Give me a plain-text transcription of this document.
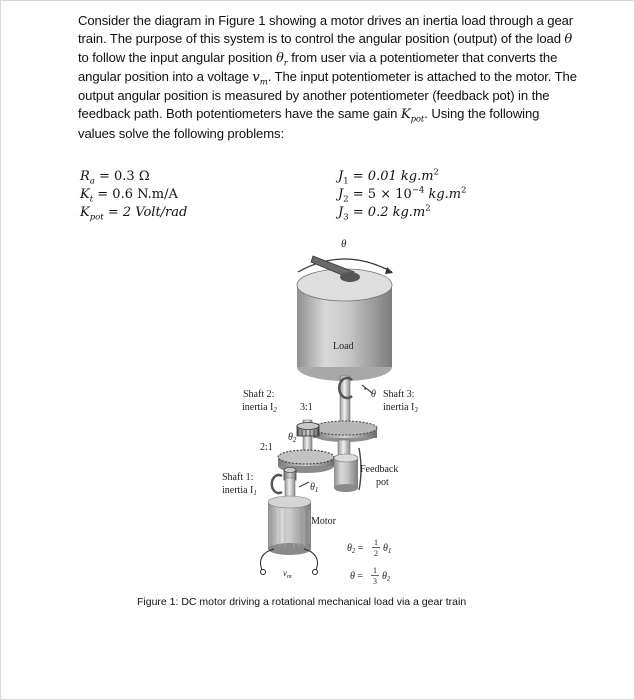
Consider the diagram in Figure 1 showing a motor drives an inertia load through a gear train. The purpose of this system is to control the angular position (output) of the load θ to follow the input angular position $\theta_r$ from user via a potentiometer that converts the angular position into a voltage $v_m$. The input potentiometer is attached to the motor. The output angular position is measured by another potentiometer (feedback pot) in the feedback path. Both potentiometers have the same gain $K_{pot}$. Using the following values solve the following problems:
$R_a = 0.3$ Ω
$K_t = 0.6$ N.m/A
$K_{pot} = 2$ Volt/rad
$J_1 = 0.01$ $kg.m^2$
$J_2 = 5 \times 10^{-4}$ $kg.m^2$
$J_3 = 0.2$ $kg.m^2$
θ
Load
θ
Shaft 2:
inertia $I_2$ 3:1
Shaft 3:
inertia $I_3$
$\theta_2$
2:1
Feedback
pot
Shaft 1:
inertia $I_1$	$\theta_1$
Motor
$v_m$
$\theta_2$ =
1
2 $\theta_1$
θ =
1
3 $\theta_2$
Figure 1: DC motor driving a rotational mechanical load via a gear train
